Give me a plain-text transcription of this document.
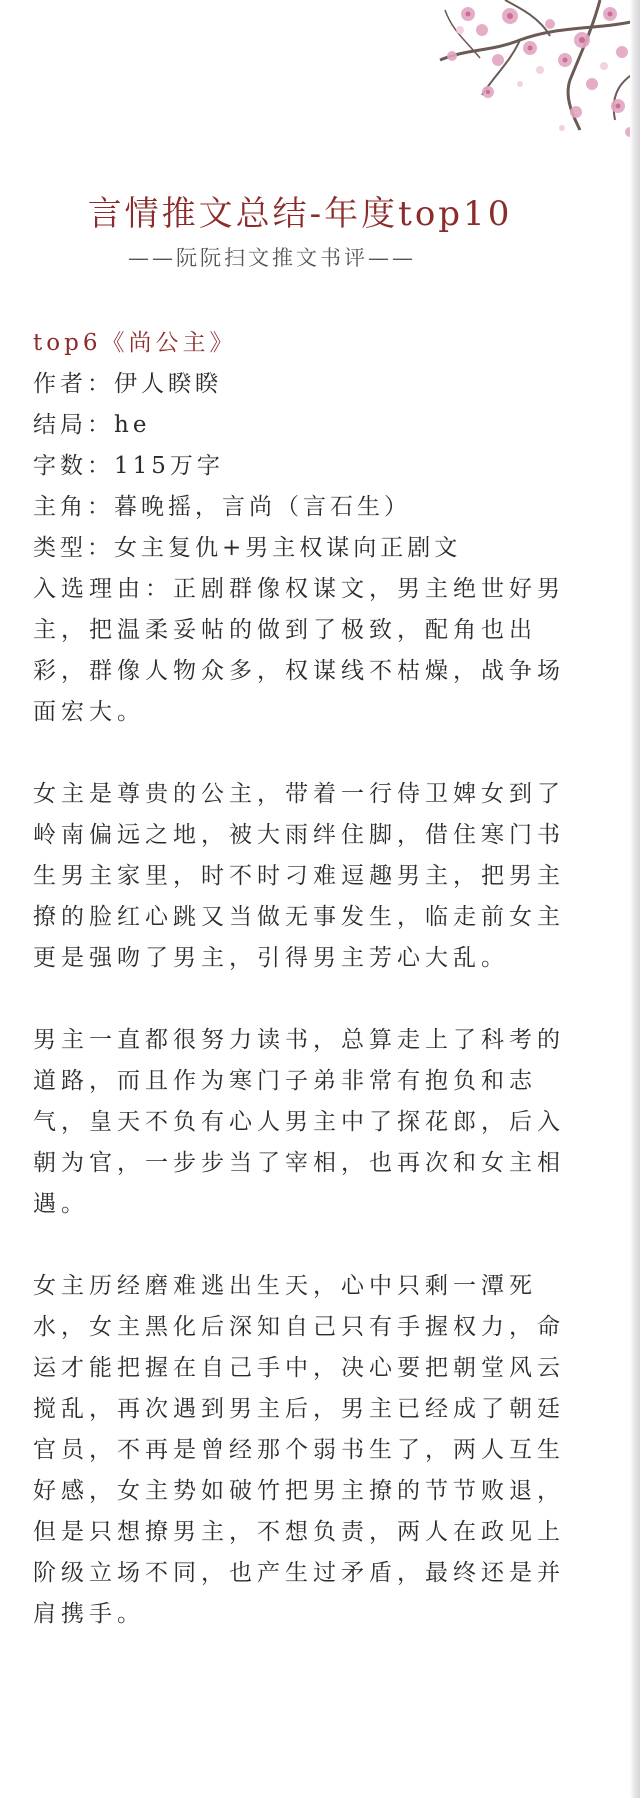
言情推文总结-年度top10
——阮阮扫文推文书评——
top6《尚公主》
作者：伊人睽睽
结局：he
字数：115万字
主角：暮晚摇，言尚（言石生）
类型：女主复仇+男主权谋向正剧文

入选理由：正剧群像权谋文，男主绝世好男主，把温柔妥帖的做到了极致，配角也出彩，群像人物众多，权谋线不枯燥，战争场面宏大。

女主是尊贵的公主，带着一行侍卫婢女到了岭南偏远之地，被大雨绊住脚，借住寒门书生男主家里，时不时刁难逗趣男主，把男主撩的脸红心跳又当做无事发生，临走前女主更是强吻了男主，引得男主芳心大乱。

男主一直都很努力读书，总算走上了科考的道路，而且作为寒门子弟非常有抱负和志气，皇天不负有心人男主中了探花郎，后入朝为官，一步步当了宰相，也再次和女主相遇。

女主历经磨难逃出生天，心中只剩一潭死水，女主黑化后深知自己只有手握权力，命运才能把握在自己手中，决心要把朝堂风云搅乱，再次遇到男主后，男主已经成了朝廷官员，不再是曾经那个弱书生了，两人互生好感，女主势如破竹把男主撩的节节败退，但是只想撩男主，不想负责，两人在政见上阶级立场不同，也产生过矛盾，最终还是并肩携手。
